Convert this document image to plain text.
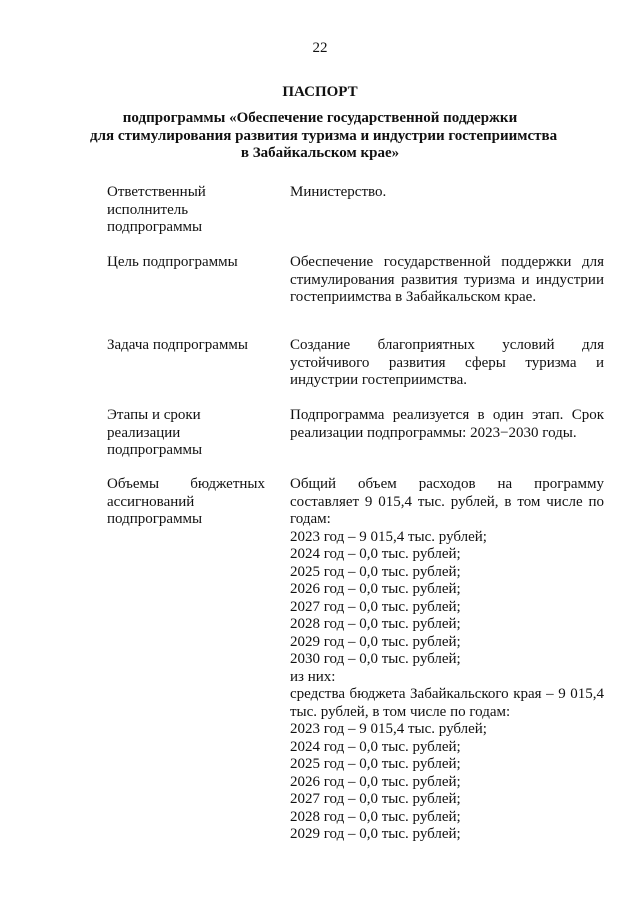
22
ПАСПОРТ
подпрограммы «Обеспечение государственной поддержки
для стимулирования развития туризма и индустрии гостеприимства
в Забайкальском крае»
Ответственный
исполнитель
подпрограммы
Министерство.
Цель подпрограммы	Обеспечение государственной поддержки для
стимулирования развития туризма и индустрии
гостеприимства в Забайкальском крае.
Задача подпрограммы	Создание благоприятных условий для
устойчивого развития сферы туризма и
индустрии гостеприимства.
Этапы и сроки
реализации
подпрограммы
Подпрограмма реализуется в один этап. Срок
реализации подпрограммы: 2023−2030 годы.
Объемы бюджетных
ассигнований
подпрограммы
Общий объем расходов на программу
составляет 9 015,4 тыс. рублей, в том числе по
годам:
2023 год – 9 015,4 тыс. рублей;
2024 год – 0,0 тыс. рублей;
2025 год – 0,0 тыс. рублей;
2026 год – 0,0 тыс. рублей;
2027 год – 0,0 тыс. рублей;
2028 год – 0,0 тыс. рублей;
2029 год – 0,0 тыс. рублей;
2030 год – 0,0 тыс. рублей;
из них:
средства бюджета Забайкальского края – 9 015,4
тыс. рублей, в том числе по годам:
2023 год – 9 015,4 тыс. рублей;
2024 год – 0,0 тыс. рублей;
2025 год – 0,0 тыс. рублей;
2026 год – 0,0 тыс. рублей;
2027 год – 0,0 тыс. рублей;
2028 год – 0,0 тыс. рублей;
2029 год – 0,0 тыс. рублей;
